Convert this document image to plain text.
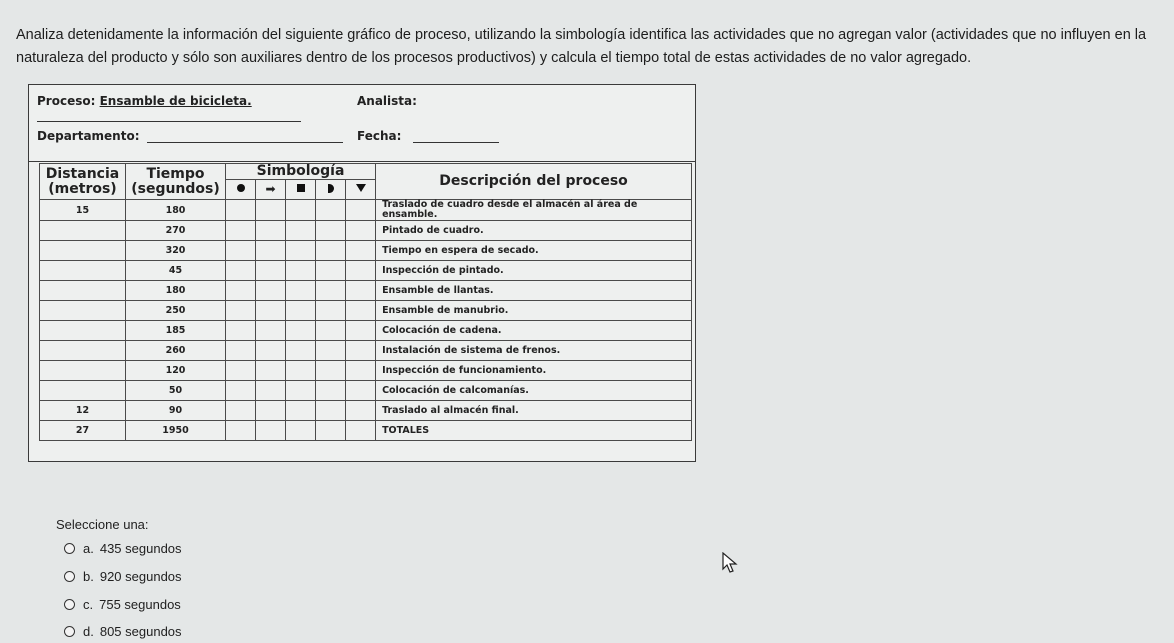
Analiza detenidamente la información del siguiente gráfico de proceso, utilizando la simbología identifica las actividades que no agregan valor (actividades que no influyen en la naturaleza del producto y sólo son auxiliares dentro de los procesos productivos) y calcula el tiempo total de estas actividades de no valor agregado.
Proceso: Ensamble de bicicleta.	Analista:
Departamento:	Fecha:
Distancia (metros)	Tiempo (segundos)	Simbología					Descripción del proceso
			➡				
15	180						Traslado de cuadro desde el almacén al área de ensamble.
	270						Pintado de cuadro.
	320						Tiempo en espera de secado.
	45						Inspección de pintado.
	180						Ensamble de llantas.
	250						Ensamble de manubrio.
	185						Colocación de cadena.
	260						Instalación de sistema de frenos.
	120						Inspección de funcionamiento.
	50						Colocación de calcomanías.
12	90						Traslado al almacén final.
27	1950						TOTALES
Seleccione una:
a. 435 segundos
b. 920 segundos
c. 755 segundos
d. 805 segundos
